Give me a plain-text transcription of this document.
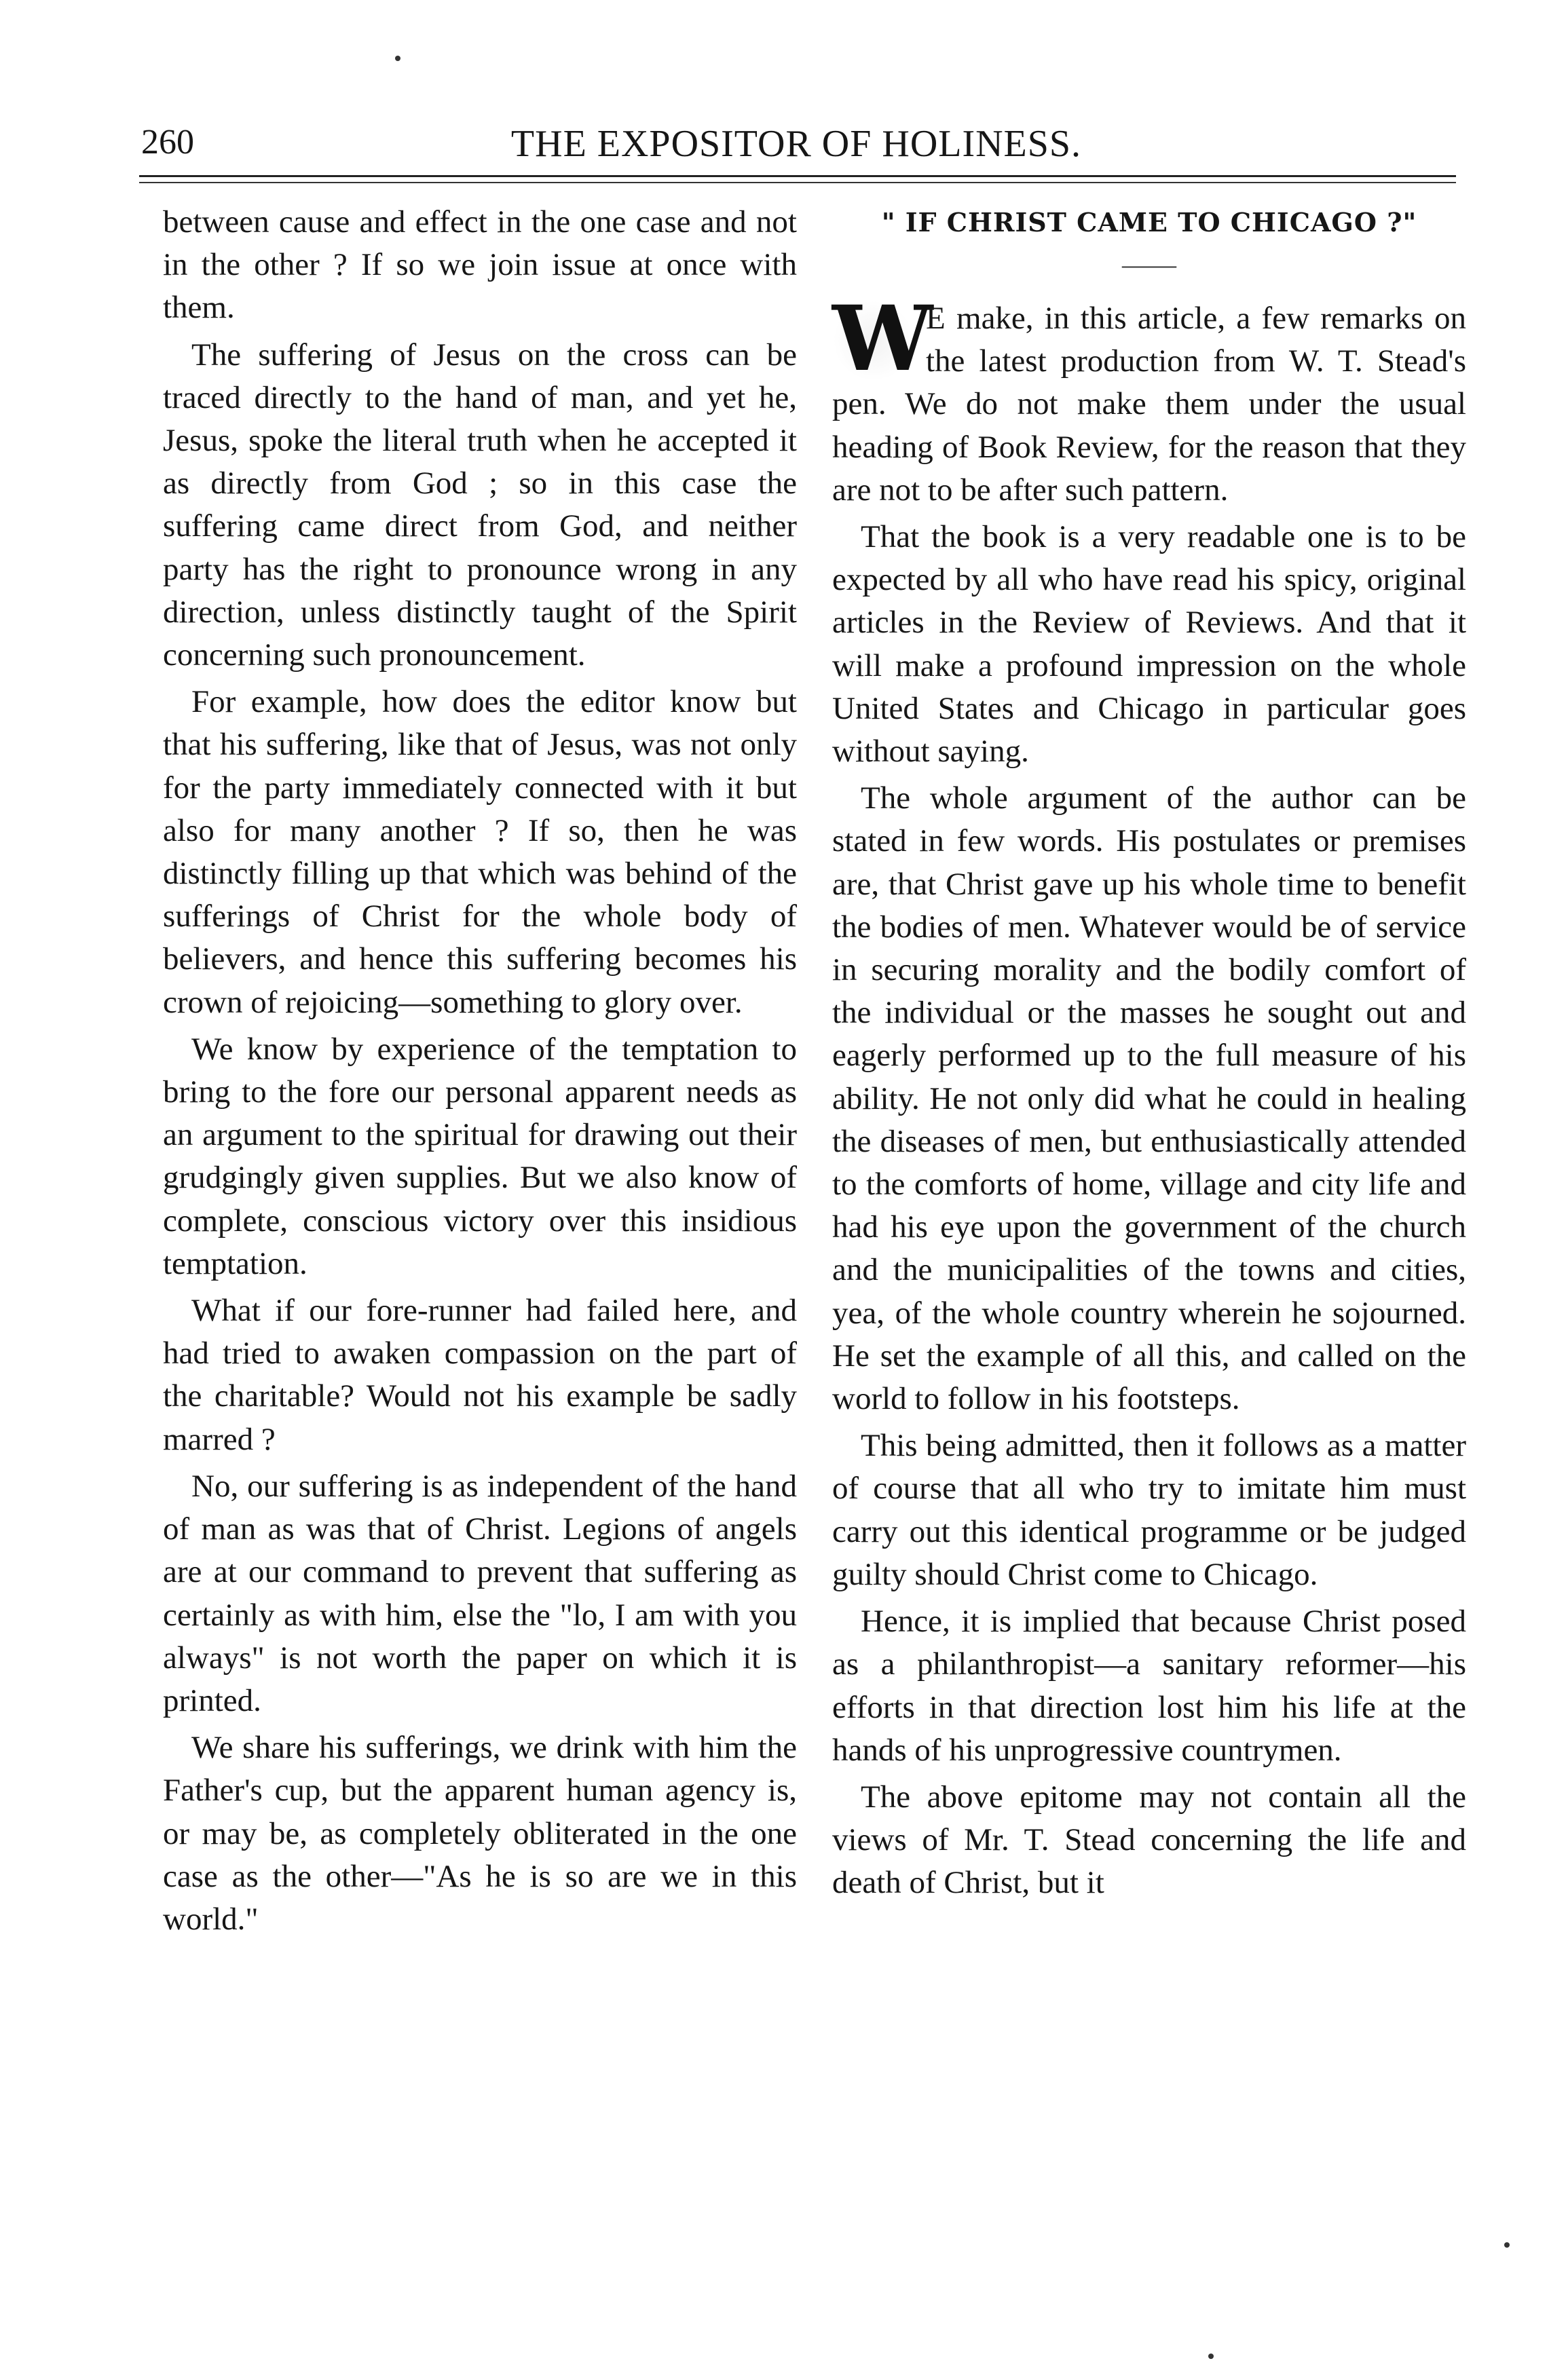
260	THE EXPOSITOR OF HOLINESS.

between cause and effect in the one case and not in the other ? If so we join issue at once with them.

The suffering of Jesus on the cross can be traced directly to the hand of man, and yet he, Jesus, spoke the literal truth when he accepted it as directly from God ; so in this case the suffering came direct from God, and neither party has the right to pronounce wrong in any direction, unless distinctly taught of the Spirit concerning such pronouncement.

For example, how does the editor know but that his suffering, like that of Jesus, was not only for the party immediately connected with it but also for many another ? If so, then he was distinctly filling up that which was behind of the sufferings of Christ for the whole body of believers, and hence this suffering becomes his crown of rejoicing—something to glory over.

We know by experience of the temptation to bring to the fore our personal apparent needs as an argument to the spiritual for drawing out their grudgingly given supplies. But we also know of complete, conscious victory over this insidious temptation.

What if our fore-runner had failed here, and had tried to awaken compassion on the part of the charitable? Would not his example be sadly marred ?

No, our suffering is as independent of the hand of man as was that of Christ. Legions of angels are at our command to prevent that suffering as certainly as with him, else the "lo, I am with you always" is not worth the paper on which it is printed.

We share his sufferings, we drink with him the Father's cup, but the apparent human agency is, or may be, as completely obliterated in the one case as the other—"As he is so are we in this world."

" IF CHRIST CAME TO CHICAGO ?"
——

W
E make, in this article, a few remarks on the latest production from W. T. Stead's pen. We do not make them under the usual heading of Book Review, for the reason that they are not to be after such pattern.

That the book is a very readable one is to be expected by all who have read his spicy, original articles in the Review of Reviews. And that it will make a profound impression on the whole United States and Chicago in particular goes without saying.

The whole argument of the author can be stated in few words. His postulates or premises are, that Christ gave up his whole time to benefit the bodies of men. Whatever would be of service in securing morality and the bodily comfort of the individual or the masses he sought out and eagerly performed up to the full measure of his ability. He not only did what he could in healing the diseases of men, but enthusiastically attended to the comforts of home, village and city life and had his eye upon the government of the church and the municipalities of the towns and cities, yea, of the whole country wherein he sojourned. He set the example of all this, and called on the world to follow in his footsteps.

This being admitted, then it follows as a matter of course that all who try to imitate him must carry out this identical programme or be judged guilty should Christ come to Chicago.

Hence, it is implied that because Christ posed as a philanthropist—a sanitary reformer—his efforts in that direction lost him his life at the hands of his unprogressive countrymen.

The above epitome may not contain all the views of Mr. T. Stead concerning the life and death of Christ, but it
